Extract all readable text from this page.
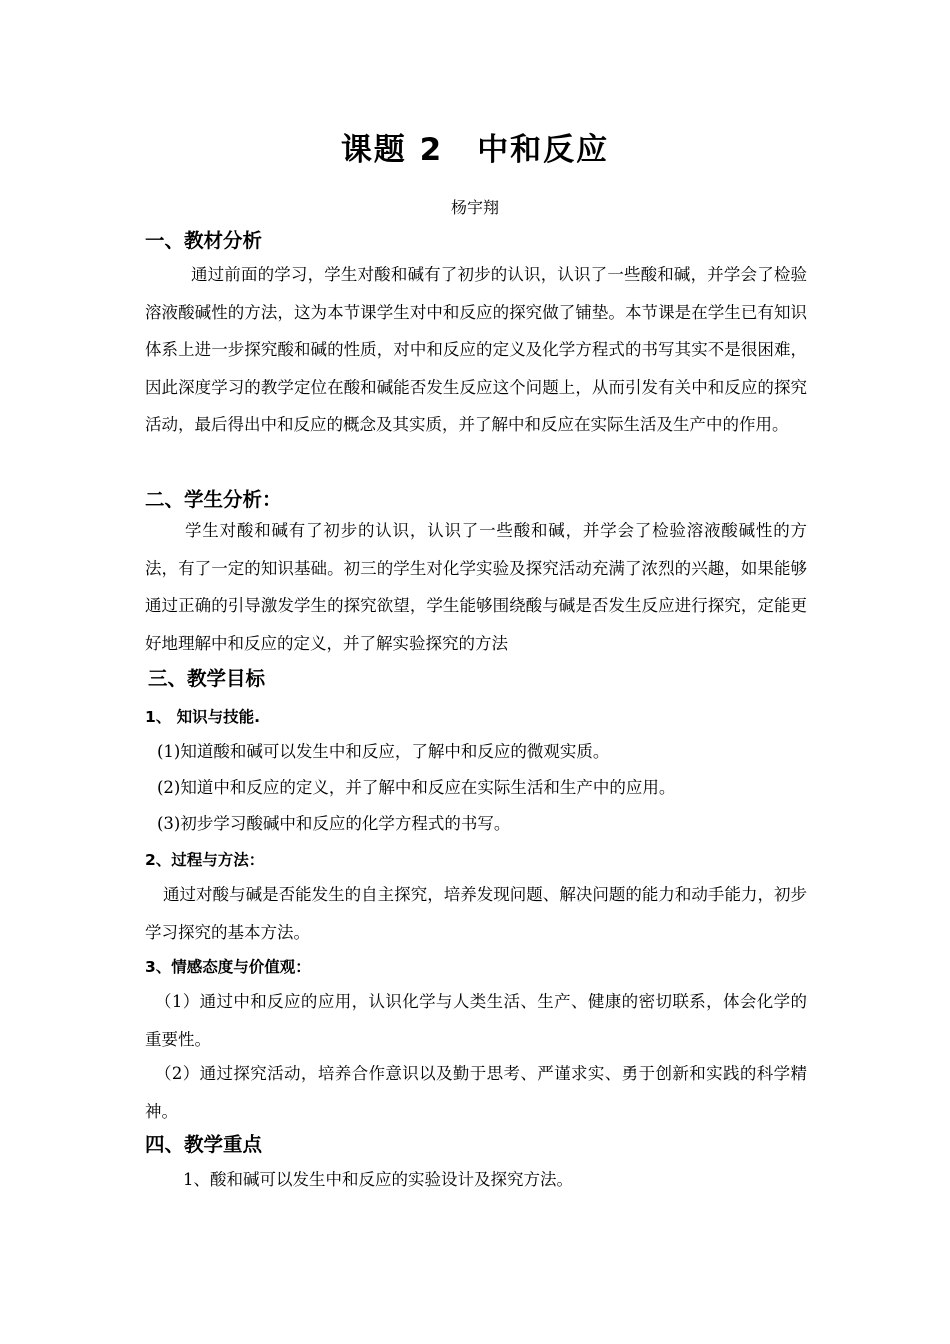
课题 2 中和反应
杨宇翔
一、教材分析
通过前面的学习，学生对酸和碱有了初步的认识，认识了一些酸和碱，并学会了检验溶液酸碱性的方法，这为本节课学生对中和反应的探究做了铺垫。本节课是在学生已有知识体系上进一步探究酸和碱的性质，对中和反应的定义及化学方程式的书写其实不是很困难，因此深度学习的教学定位在酸和碱能否发生反应这个问题上，从而引发有关中和反应的探究活动，最后得出中和反应的概念及其实质，并了解中和反应在实际生活及生产中的作用。
二、学生分析：
学生对酸和碱有了初步的认识，认识了一些酸和碱，并学会了检验溶液酸碱性的方法，有了一定的知识基础。初三的学生对化学实验及探究活动充满了浓烈的兴趣，如果能够通过正确的引导激发学生的探究欲望，学生能够围绕酸与碱是否发生反应进行探究，定能更好地理解中和反应的定义，并了解实验探究的方法
三、教学目标
1、 知识与技能.
(1)知道酸和碱可以发生中和反应，了解中和反应的微观实质。
(2)知道中和反应的定义，并了解中和反应在实际生活和生产中的应用。
(3)初步学习酸碱中和反应的化学方程式的书写。
2、过程与方法：
通过对酸与碱是否能发生的自主探究，培养发现问题、解决问题的能力和动手能力，初步学习探究的基本方法。
3、情感态度与价值观：
（1）通过中和反应的应用，认识化学与人类生活、生产、健康的密切联系，体会化学的重要性。
（2）通过探究活动，培养合作意识以及勤于思考、严谨求实、勇于创新和实践的科学精神。
四、教学重点
1、酸和碱可以发生中和反应的实验设计及探究方法。
